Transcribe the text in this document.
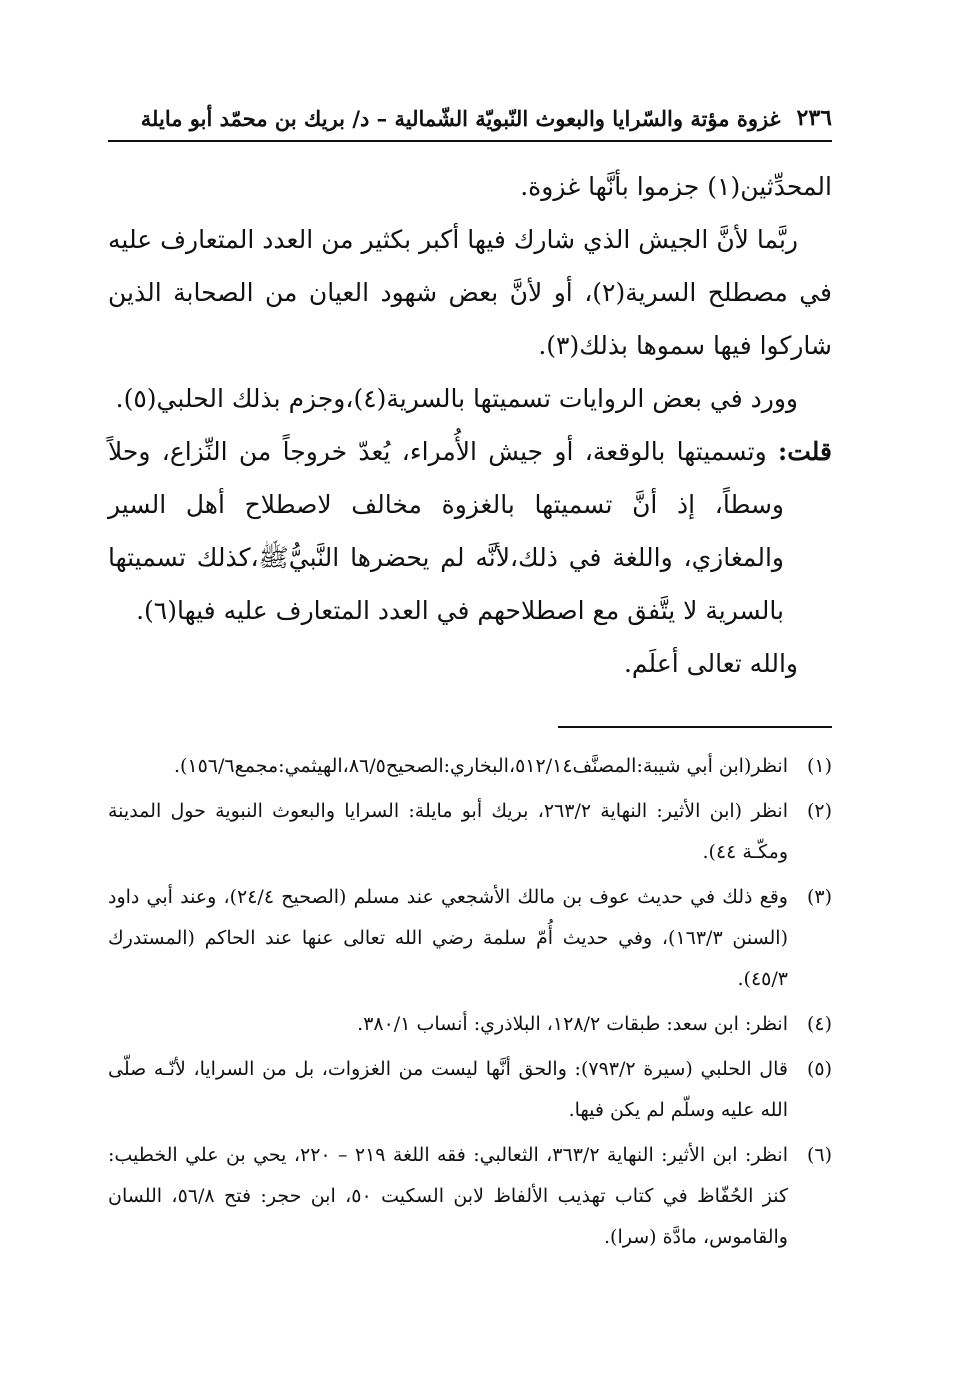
٢٣٦
غزوة مؤتة والسّرايا والبعوث النّبويّة الشّمالية – د/ بريك بن محمّد أبو مايلة

المحدِّثين(١) جزموا بأنَّها غزوة.

ربَّما لأنَّ الجيش الذي شارك فيها أكبر بكثير من العدد المتعارف عليه في مصطلح السرية(٢)، أو لأنَّ بعض شهود العيان من الصحابة الذين شاركوا فيها سموها بذلك(٣).

وورد في بعض الروايات تسميتها بالسرية(٤)،وجزم بذلك الحلبي(٥).

قلت: وتسميتها بالوقعة، أو جيش الأُمراء، يُعدّ خروجاً من النِّزاع، وحلاً وسطاً، إذ أنَّ تسميتها بالغزوة مخالف لاصطلاح أهل السير والمغازي، واللغة في ذلك،لأنَّه لم يحضرها النَّبيُّﷺ،كذلك تسميتها بالسرية لا يتَّفق مع اصطلاحهم في العدد المتعارف عليه فيها(٦).

والله تعالى أعلَم.

(١)
انظر(ابن أبي شيبة:المصنَّف٥١٢/١٤،البخاري:الصحيح٨٦/٥،الهيثمي:مجمع١٥٦/٦).
(٢)
انظر (ابن الأثير: النهاية ٢٦٣/٢، بريك أبو مايلة: السرايا والبعوث النبوية حول المدينة ومكّـة ٤٤).
(٣)
وقع ذلك في حديث عوف بن مالك الأشجعي عند مسلم (الصحيح ٢٤/٤)، وعند أبي داود (السنن ١٦٣/٣)، وفي حديث أُمّ سلمة رضي الله تعالى عنها عند الحاكم (المستدرك ٤٥/٣).
(٤)
انظر: ابن سعد: طبقات ١٢٨/٢، البلاذري: أنساب ٣٨٠/١.
(٥)
قال الحلبي (سيرة ٧٩٣/٢): والحق أنَّها ليست من الغزوات، بل من السرايا، لأنّـه صلّى الله عليه وسلّم لم يكن فيها.
(٦)
انظر: ابن الأثير: النهاية ٣٦٣/٢، الثعالبي: فقه اللغة ٢١٩ – ٢٢٠، يحي بن علي الخطيب: كنز الحُفّاظ في كتاب تهذيب الألفاظ لابن السكيت ٥٠، ابن حجر: فتح ٥٦/٨، اللسان والقاموس، مادَّة (سرا).
